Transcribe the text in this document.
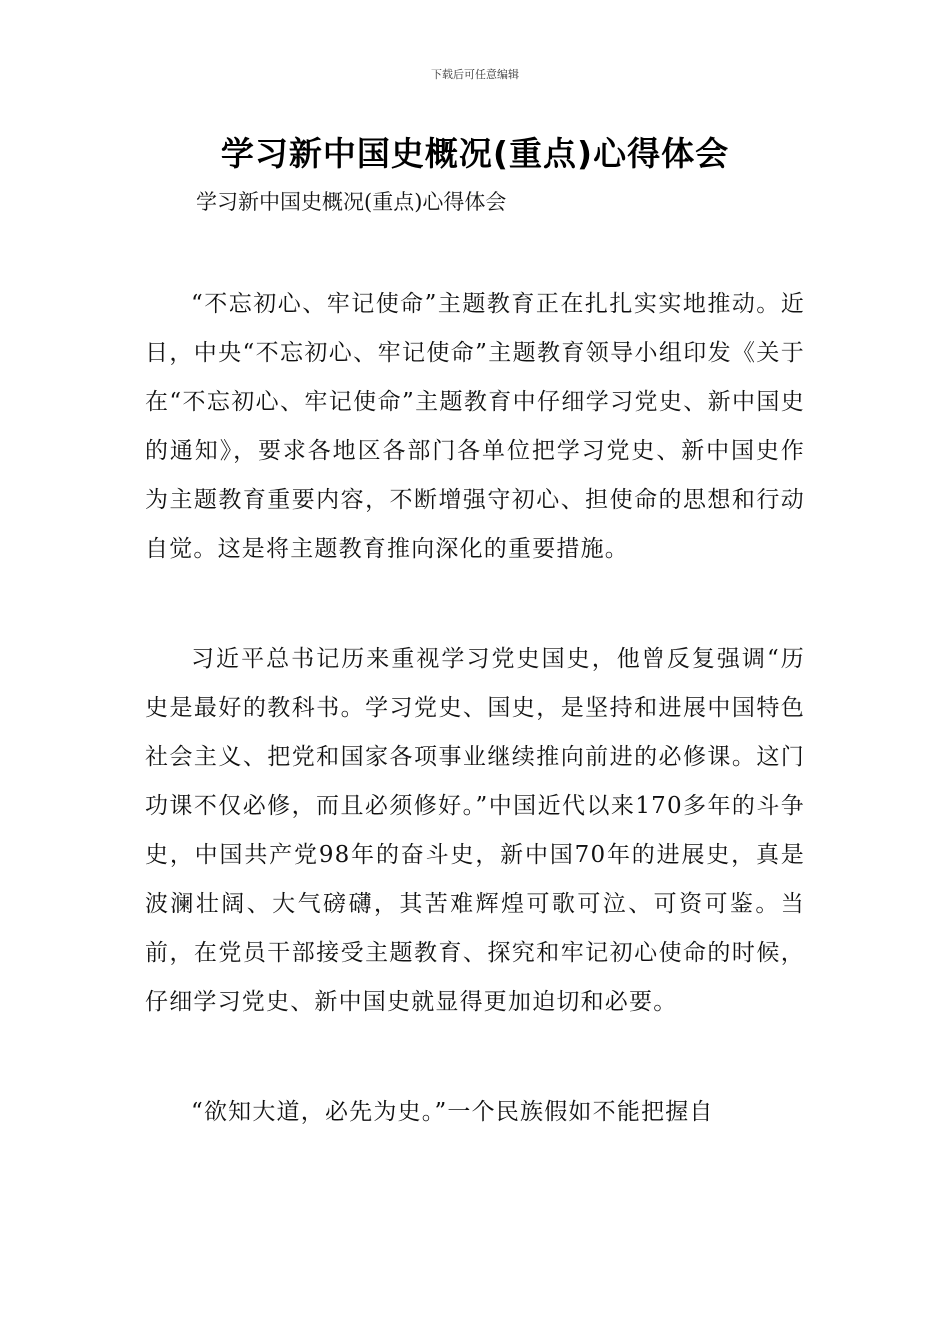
下载后可任意编辑
学习新中国史概况(重点)心得体会
学习新中国史概况(重点)心得体会

“不忘初心、牢记使命”主题教育正在扎扎实实地推动。近日，中央“不忘初心、牢记使命”主题教育领导小组印发《关于在“不忘初心、牢记使命”主题教育中仔细学习党史、新中国史的通知》，要求各地区各部门各单位把学习党史、新中国史作为主题教育重要内容，不断增强守初心、担使命的思想和行动自觉。这是将主题教育推向深化的重要措施。

习近平总书记历来重视学习党史国史，他曾反复强调“历史是最好的教科书。学习党史、国史，是坚持和进展中国特色社会主义、把党和国家各项事业继续推向前进的必修课。这门功课不仅必修，而且必须修好。”中国近代以来170多年的斗争史，中国共产党98年的奋斗史，新中国70年的进展史，真是波澜壮阔、大气磅礴，其苦难辉煌可歌可泣、可资可鉴。当前，在党员干部接受主题教育、探究和牢记初心使命的时候，仔细学习党史、新中国史就显得更加迫切和必要。

“欲知大道，必先为史。”一个民族假如不能把握自
